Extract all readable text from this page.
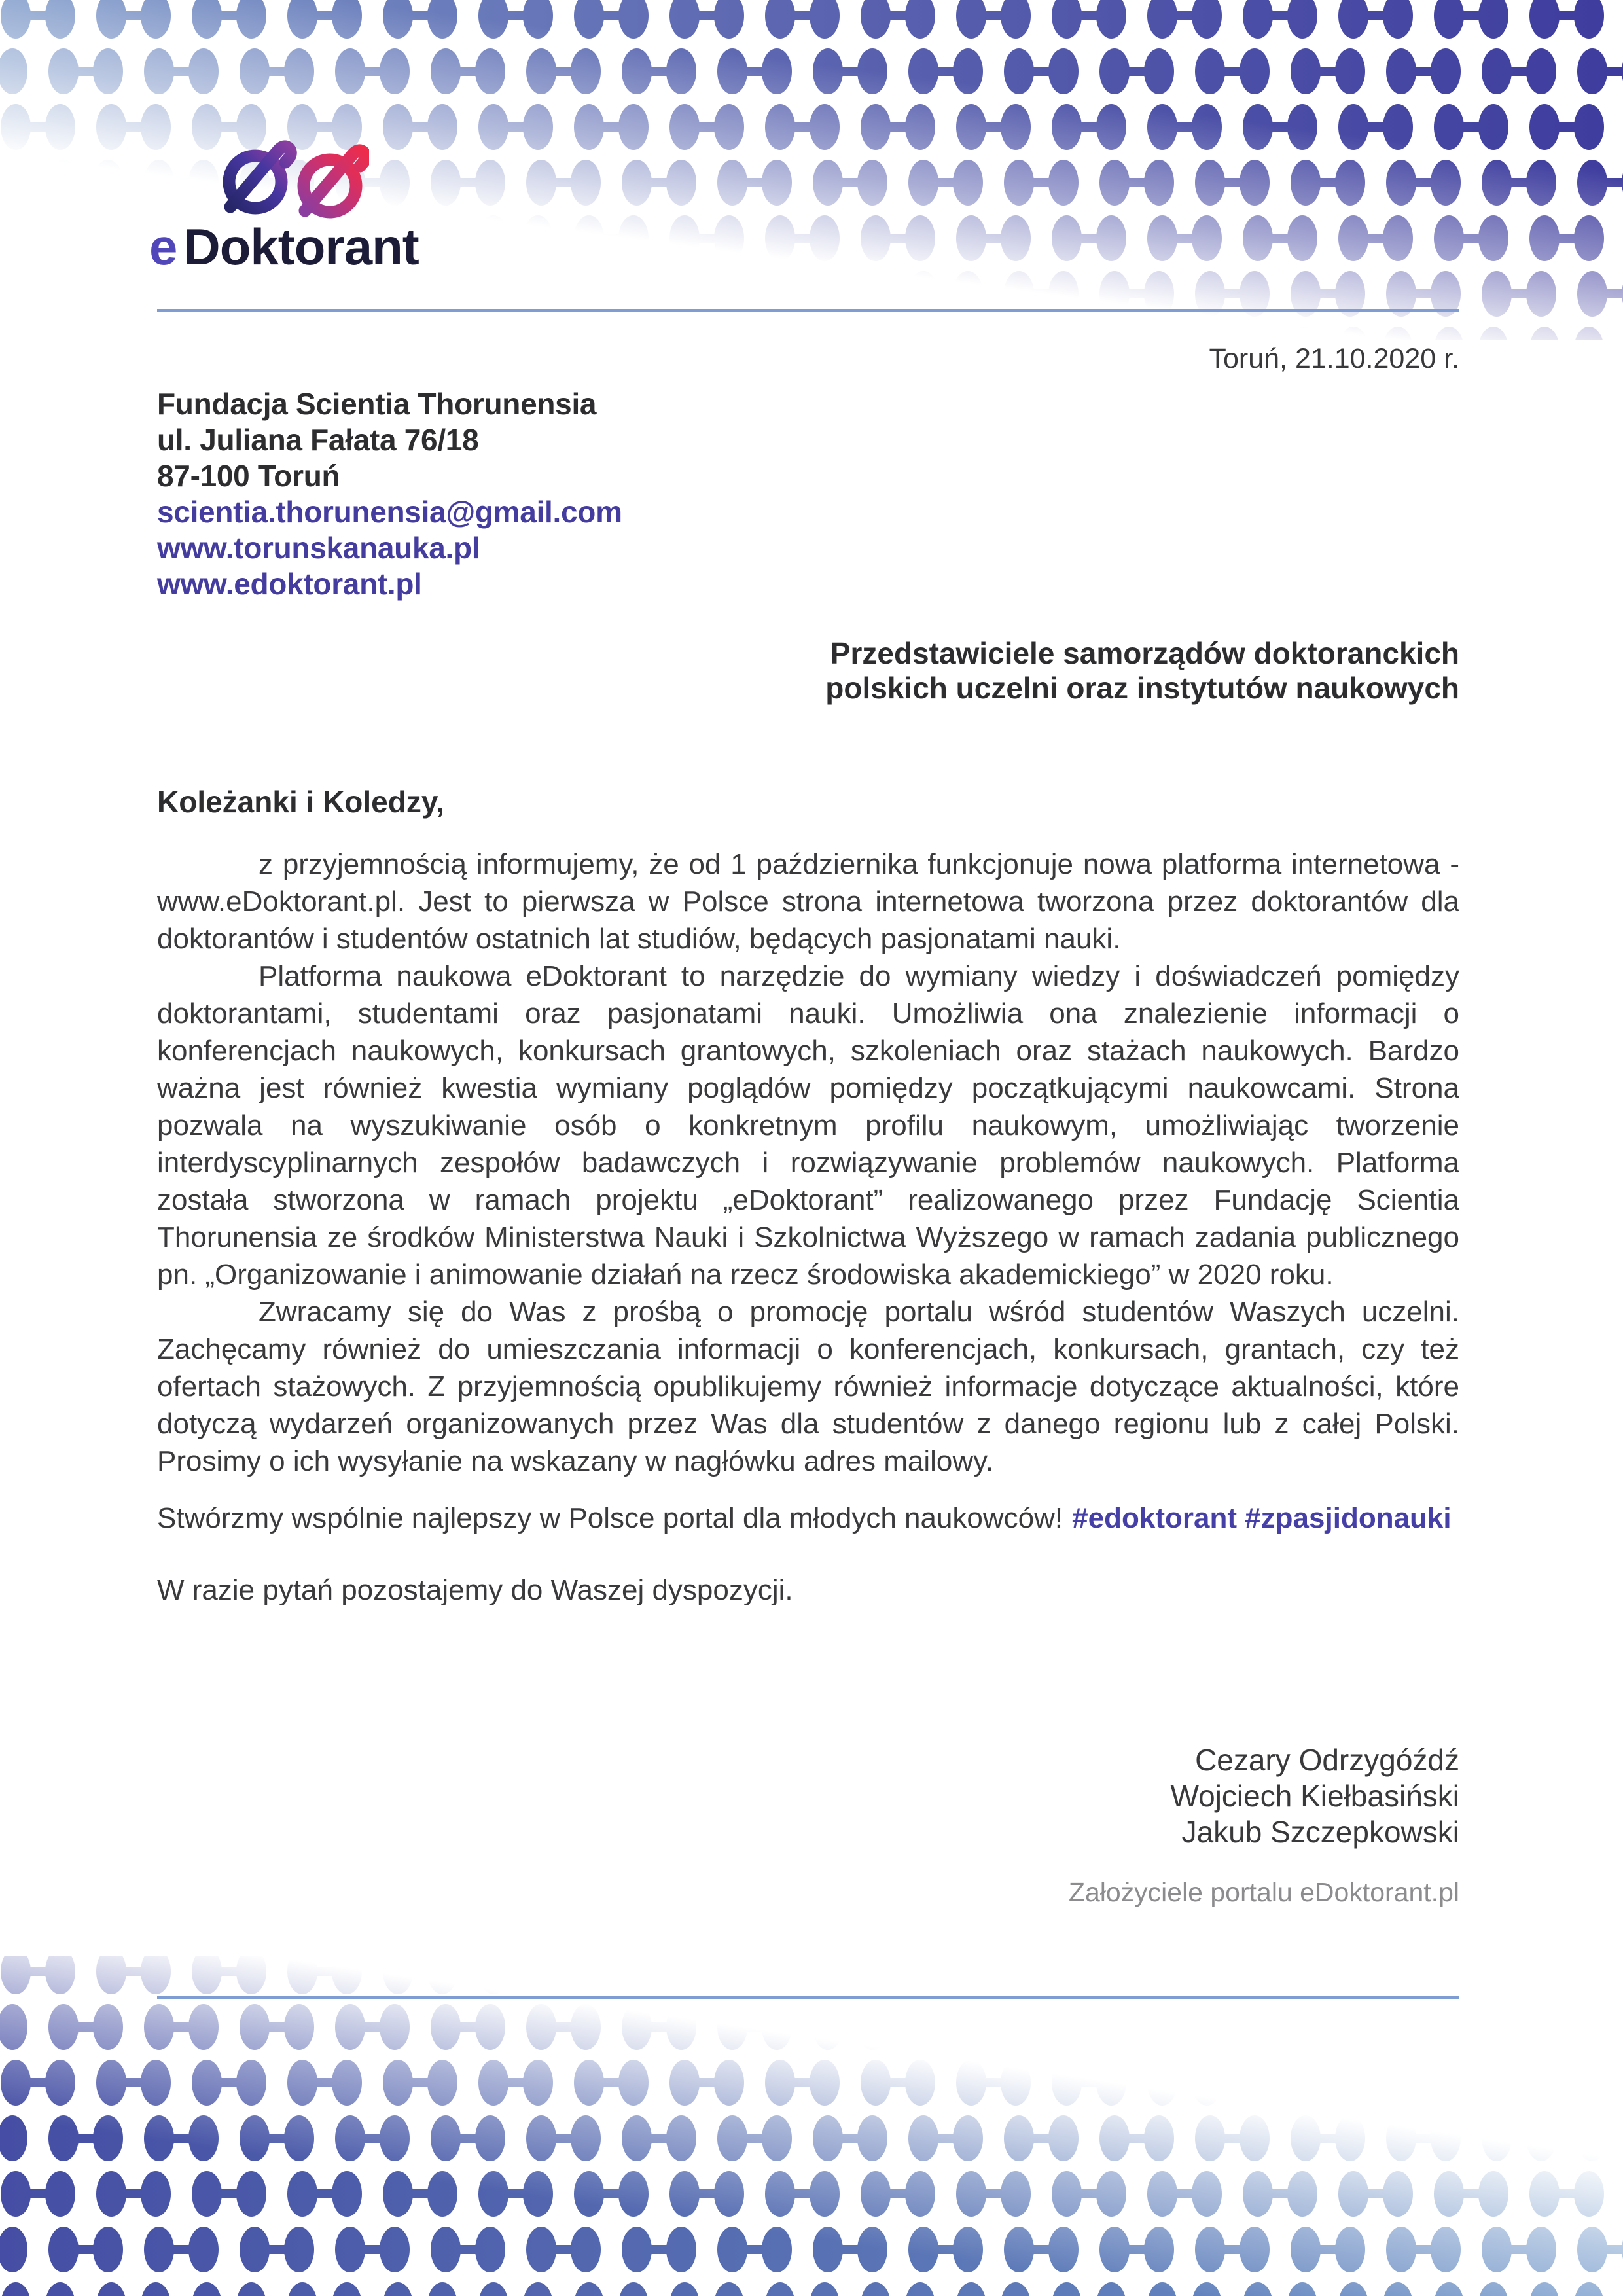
e Doktorant
Toruń, 21.10.2020 r.
Fundacja Scientia Thorunensia
ul. Juliana Fałata 76/18
87-100 Toruń
scientia.thorunensia@gmail.com
www.torunskanauka.pl
www.edoktorant.pl
Przedstawiciele samorządów doktoranckich
polskich uczelni oraz instytutów naukowych
Koleżanki i Koledzy,

z przyjemnością informujemy, że od 1 października funkcjonuje nowa platforma internetowa - www.eDoktorant.pl. Jest to pierwsza w Polsce strona internetowa tworzona przez doktorantów dla doktorantów i studentów ostatnich lat studiów, będących pasjonatami nauki.

Platforma naukowa eDoktorant to narzędzie do wymiany wiedzy i doświadczeń pomiędzy doktorantami, studentami oraz pasjonatami nauki. Umożliwia ona znalezienie informacji o konferencjach naukowych, konkursach grantowych, szkoleniach oraz stażach naukowych. Bardzo ważna jest również kwestia wymiany poglądów pomiędzy początkującymi naukowcami. Strona pozwala na wyszukiwanie osób o konkretnym profilu naukowym, umożliwiając tworzenie interdyscyplinarnych zespołów badawczych i rozwiązywanie problemów naukowych. Platforma została stworzona w ramach projektu „eDoktorant” realizowanego przez Fundację Scientia Thorunensia ze środków Ministerstwa Nauki i Szkolnictwa Wyższego w ramach zadania publicznego pn. „Organizowanie i animowanie działań na rzecz środowiska akademickiego” w 2020 roku.

Zwracamy się do Was z prośbą o promocję portalu wśród studentów Waszych uczelni. Zachęcamy również do umieszczania informacji o konferencjach, konkursach, grantach, czy też ofertach stażowych. Z przyjemnością opublikujemy również informacje dotyczące aktualności, które dotyczą wydarzeń organizowanych przez Was dla studentów z danego regionu lub z całej Polski. Prosimy o ich wysyłanie na wskazany w nagłówku adres mailowy.

Stwórzmy wspólnie najlepszy w Polsce portal dla młodych naukowców! #edoktorant #zpasjidonauki
W razie pytań pozostajemy do Waszej dyspozycji.
Cezary Odrzygóźdź
Wojciech Kiełbasiński
Jakub Szczepkowski
Założyciele portalu eDoktorant.pl
